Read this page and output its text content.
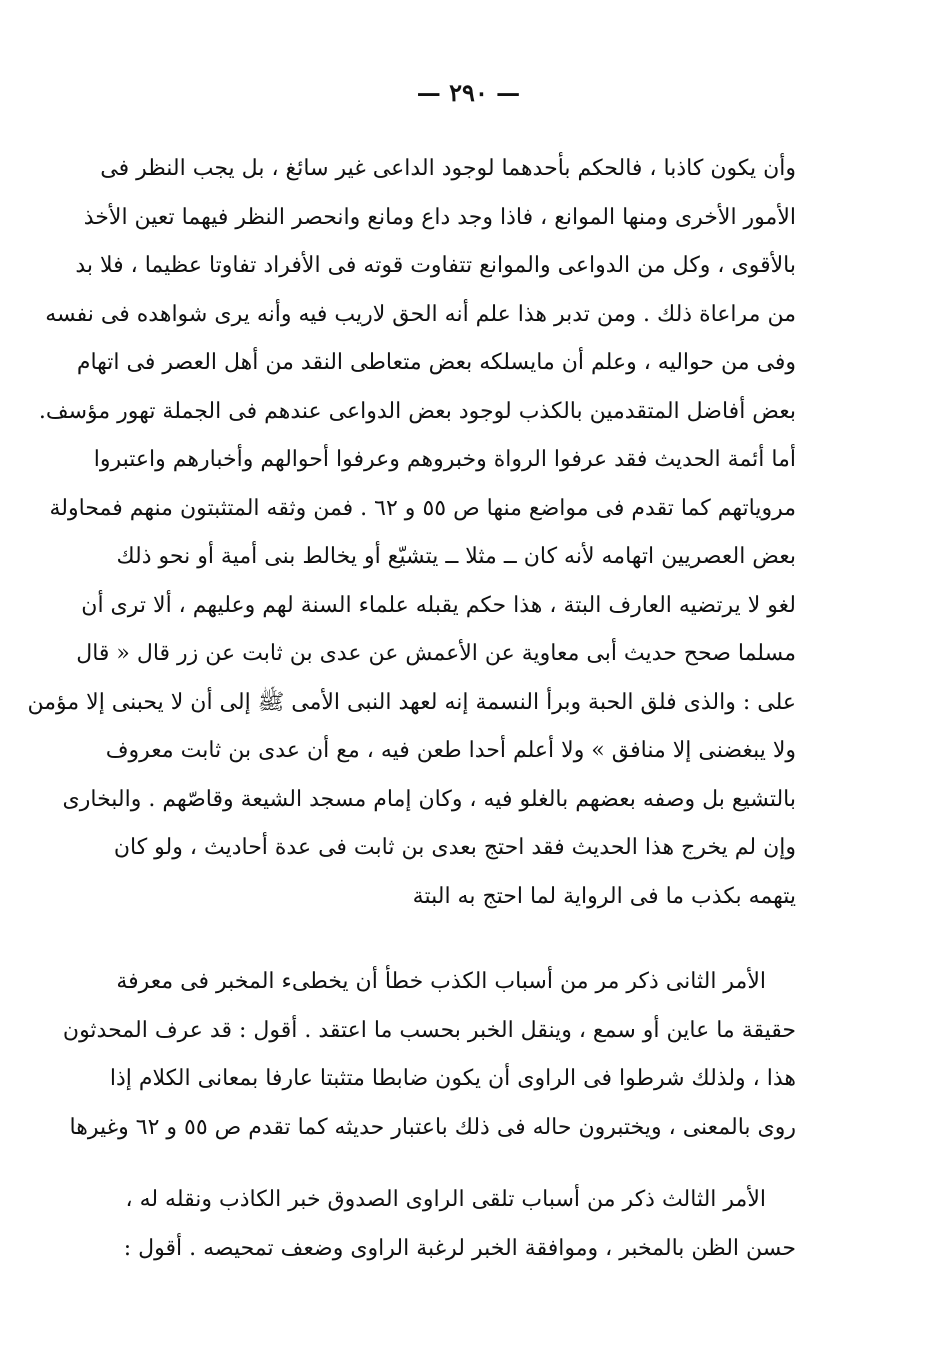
— ٢٩٠ —
وأن يكون كاذبا ، فالحكم بأحدهما لوجود الداعى غير سائغ ، بل يجب النظر فى
الأمور الأخرى ومنها الموانع ، فاذا وجد داع ومانع وانحصر النظر فيهما تعين الأخذ
بالأقوى ، وكل من الدواعى والموانع تتفاوت قوته فى الأفراد تفاوتا عظيما ، فلا بد
من مراعاة ذلك . ومن تدبر هذا علم أنه الحق لاريب فيه وأنه يرى شواهده فى نفسه
وفى من حواليه ، وعلم أن مايسلكه بعض متعاطى النقد من أهل العصر فى اتهام
بعض أفاضل المتقدمين بالكذب لوجود بعض الدواعى عندهم فى الجملة تهور مؤسف.
أما أئمة الحديث فقد عرفوا الرواة وخبروهم وعرفوا أحوالهم وأخبارهم واعتبروا
مروياتهم كما تقدم فى مواضع منها ص ٥٥ و ٦٢ . فمن وثقه المتثبتون منهم فمحاولة
بعض العصريين اتهامه لأنه كان ــ مثلا ــ يتشيّع أو يخالط بنى أمية أو نحو ذلك
لغو لا يرتضيه العارف البتة ، هذا حكم يقبله علماء السنة لهم وعليهم ، ألا ترى أن
مسلما صحح حديث أبى معاوية عن الأعمش عن عدى بن ثابت عن زر قال « قال
على : والذى فلق الحبة وبرأ النسمة إنه لعهد النبى الأمى ﷺ إلى أن لا يحبنى إلا مؤمن
ولا يبغضنى إلا منافق » ولا أعلم أحدا طعن فيه ، مع أن عدى بن ثابت معروف
بالتشيع بل وصفه بعضهم بالغلو فيه ، وكان إمام مسجد الشيعة وقاصّهم . والبخارى
وإن لم يخرج هذا الحديث فقد احتج بعدى بن ثابت فى عدة أحاديث ، ولو كان
يتهمه بكذب ما فى الرواية لما احتج به البتة
الأمر الثانى ذكر مر من أسباب الكذب خطأ أن يخطىء المخبر فى معرفة
حقيقة ما عاين أو سمع ، وينقل الخبر بحسب ما اعتقد . أقول : قد عرف المحدثون
هذا ، ولذلك شرطوا فى الراوى أن يكون ضابطا متثبتا عارفا بمعانى الكلام إذا
روى بالمعنى ، ويختبرون حاله فى ذلك باعتبار حديثه كما تقدم ص ٥٥ و ٦٢ وغيرها
الأمر الثالث ذكر من أسباب تلقى الراوى الصدوق خبر الكاذب ونقله له ،
حسن الظن بالمخبر ، وموافقة الخبر لرغبة الراوى وضعف تمحيصه . أقول :
